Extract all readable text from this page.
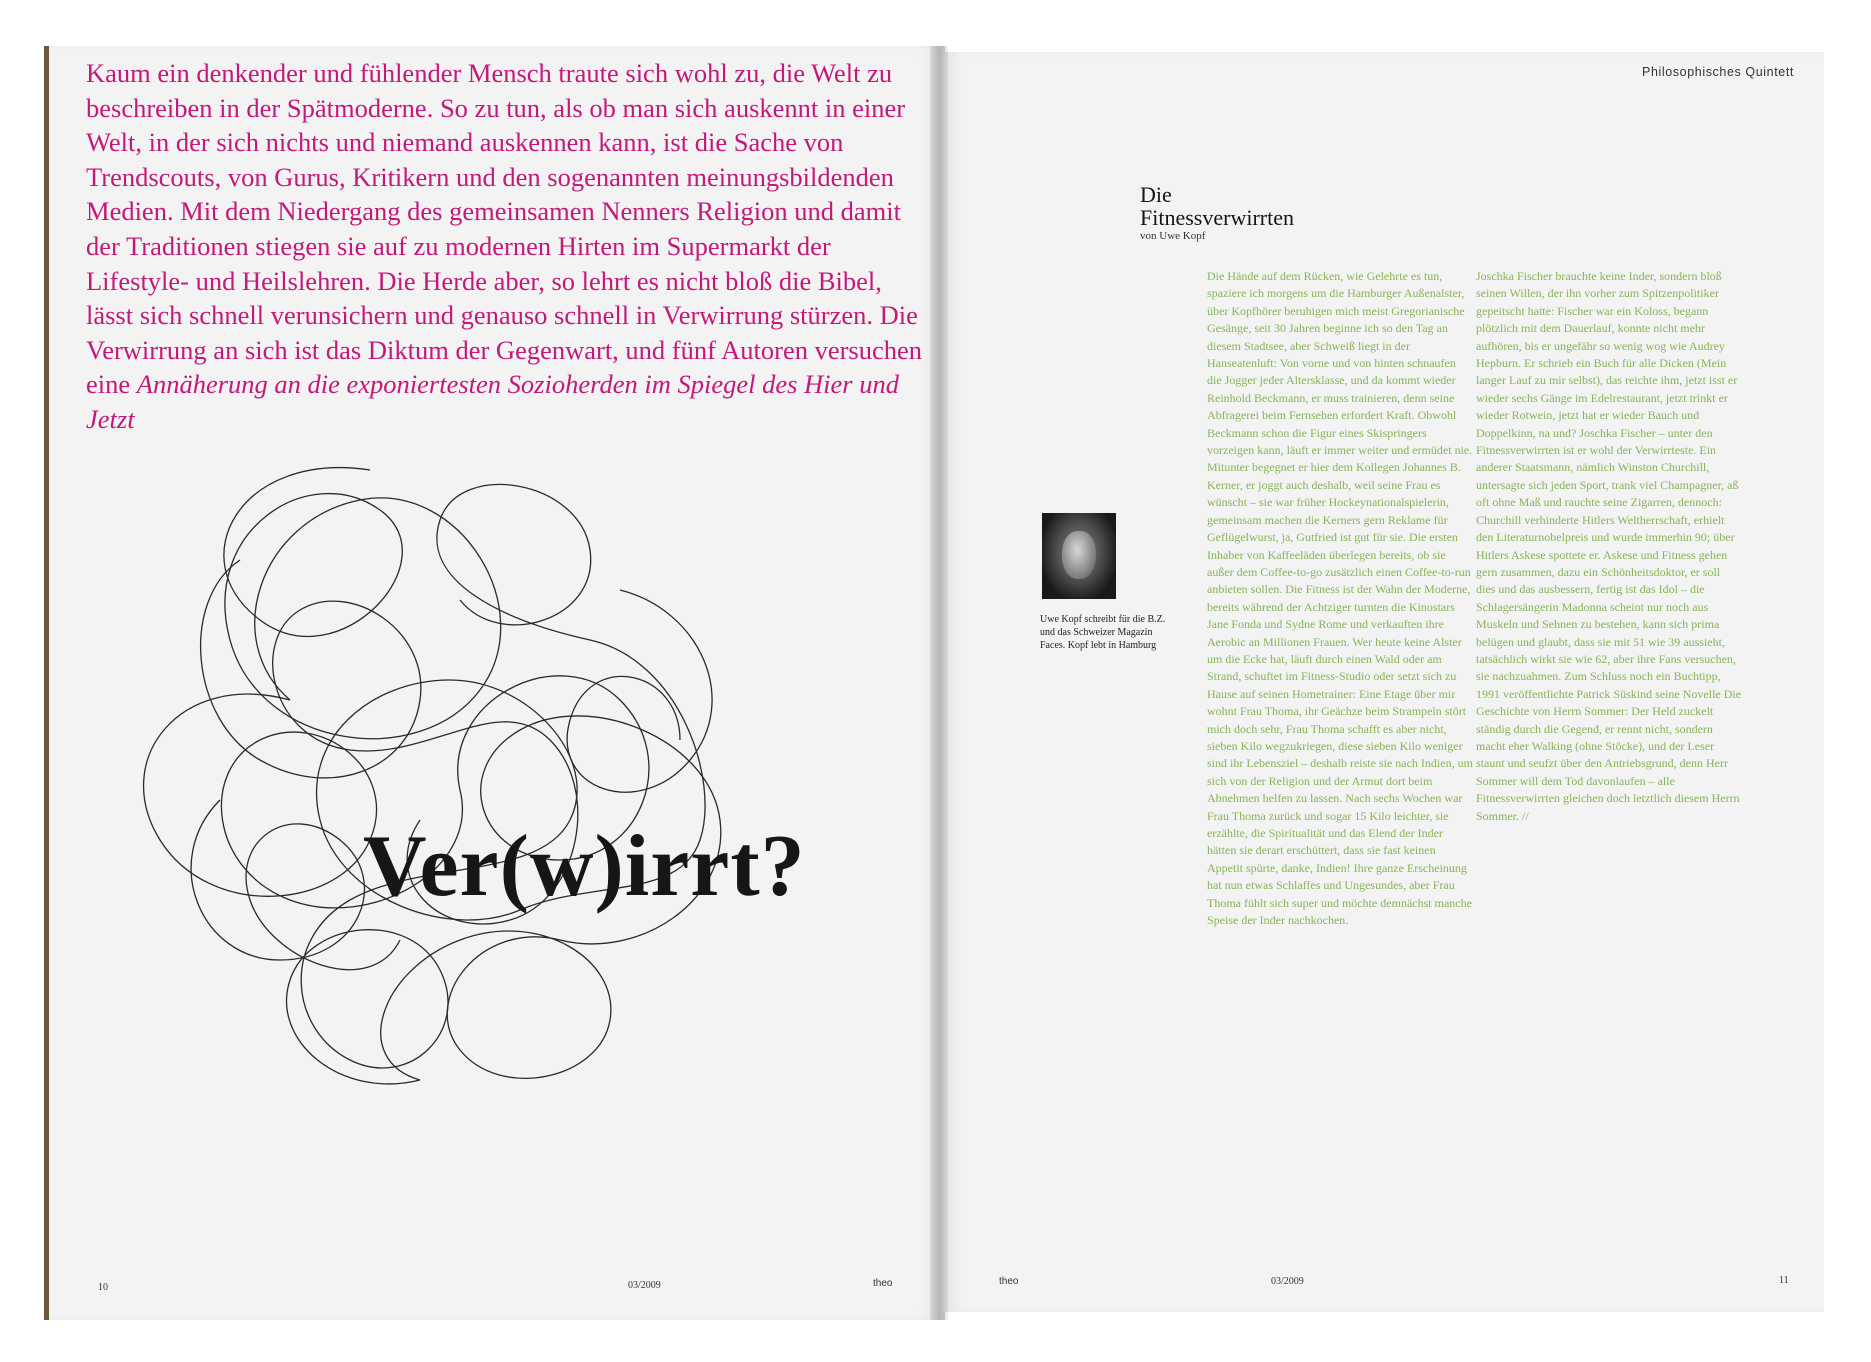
Kaum ein denkender und fühlender Mensch traute sich wohl zu, die Welt zu beschreiben in der Spätmoderne. So zu tun, als ob man sich auskennt in einer Welt, in der sich nichts und niemand auskennen kann, ist die Sache von Trendscouts, von Gurus, Kritikern und den sogenannten meinungsbildenden Medien. Mit dem Niedergang des gemeinsamen Nenners Religion und damit der Traditionen stiegen sie auf zu modernen Hirten im Supermarkt der Lifestyle- und Heilslehren. Die Herde aber, so lehrt es nicht bloß die Bibel, lässt sich schnell verunsichern und genauso schnell in Verwirrung stürzen. Die Verwirrung an sich ist das Diktum der Gegenwart, und fünf Autoren versuchen eine Annäherung an die exponiertesten Sozioherden im Spiegel des Hier und Jetzt

Ver(w)irrt?
10	03/2009	theo
Philosophisches Quintett
Die
Fitnessverwirrten
von Uwe Kopf

Uwe Kopf schreibt für die B.Z. und das Schweizer Magazin Faces. Kopf lebt in Hamburg

Die Hände auf dem Rücken, wie Gelehrte es tun, spaziere ich morgens um die Hamburger Außenalster, über Kopfhörer beruhigen mich meist Gregorianische Gesänge, seit 30 Jahren beginne ich so den Tag an diesem Stadtsee, aber Schweiß liegt in der Hanseatenluft: Von vorne und von hinten schnaufen die Jogger jeder Altersklasse, und da kommt wieder Reinhold Beckmann, er muss trainieren, denn seine Abfragerei beim Fernsehen erfordert Kraft. Obwohl Beckmann schon die Figur eines Skispringers vorzeigen kann, läuft er immer weiter und ermüdet nie. Mitunter begegnet er hier dem Kollegen Johannes B. Kerner, er joggt auch deshalb, weil seine Frau es wünscht – sie war früher Hockeynationalspielerin, gemeinsam machen die Kerners gern Reklame für Geflügelwurst, ja, Gutfried ist gut für sie. Die ersten Inhaber von Kaffeeläden überlegen bereits, ob sie außer dem Coffee-to-go zusätzlich einen Coffee-to-run anbieten sollen. Die Fitness ist der Wahn der Moderne, bereits während der Achtziger turnten die Kinostars Jane Fonda und Sydne Rome und verkauften ihre Aerobic an Millionen Frauen. Wer heute keine Alster um die Ecke hat, läuft durch einen Wald oder am Strand, schuftet im Fitness-Studio oder setzt sich zu Hause auf seinen Hometrainer: Eine Etage über mir wohnt Frau Thoma, ihr Geächze beim Strampeln stört mich doch sehr, Frau Thoma schafft es aber nicht, sieben Kilo wegzukriegen, diese sieben Kilo weniger sind ihr Lebensziel – deshalb reiste sie nach Indien, um sich von der Religion und der Armut dort beim Abnehmen helfen zu lassen. Nach sechs Wochen war Frau Thoma zurück und sogar 15 Kilo leichter, sie erzählte, die Spiritualität und das Elend der Inder hätten sie derart erschüttert, dass sie fast keinen Appetit spürte, danke, Indien! Ihre ganze Erscheinung hat nun etwas Schlaffes und Ungesundes, aber Frau Thoma fühlt sich super und möchte demnächst manche Speise der Inder nachkochen.

Joschka Fischer brauchte keine Inder, sondern bloß seinen Willen, der ihn vorher zum Spitzenpolitiker gepeitscht hatte: Fischer war ein Koloss, begann plötzlich mit dem Dauerlauf, konnte nicht mehr aufhören, bis er ungefähr so wenig wog wie Audrey Hepburn. Er schrieb ein Buch für alle Dicken (Mein langer Lauf zu mir selbst), das reichte ihm, jetzt isst er wieder sechs Gänge im Edelrestaurant, jetzt trinkt er wieder Rotwein, jetzt hat er wieder Bauch und Doppelkinn, na und? Joschka Fischer – unter den Fitnessverwirrten ist er wohl der Verwirrteste. Ein anderer Staatsmann, nämlich Winston Churchill, untersagte sich jeden Sport, trank viel Champagner, aß oft ohne Maß und rauchte seine Zigarren, dennoch: Churchill verhinderte Hitlers Weltherrschaft, erhielt den Literaturnobelpreis und wurde immerhin 90; über Hitlers Askese spottete er. Askese und Fitness gehen gern zusammen, dazu ein Schönheitsdoktor, er soll dies und das ausbessern, fertig ist das Idol – die Schlagersängerin Madonna scheint nur noch aus Muskeln und Sehnen zu bestehen, kann sich prima belügen und glaubt, dass sie mit 51 wie 39 aussieht, tatsächlich wirkt sie wie 62, aber ihre Fans versuchen, sie nachzuahmen. Zum Schluss noch ein Buchtipp, 1991 veröffentlichte Patrick Süskind seine Novelle Die Geschichte von Herrn Sommer: Der Held zuckelt ständig durch die Gegend, er rennt nicht, sondern macht eher Walking (ohne Stöcke), und der Leser staunt und seufzt über den Antriebsgrund, denn Herr Sommer will dem Tod davonlaufen – alle Fitnessverwirrten gleichen doch letztlich diesem Herrn Sommer. //

theo	03/2009	11
